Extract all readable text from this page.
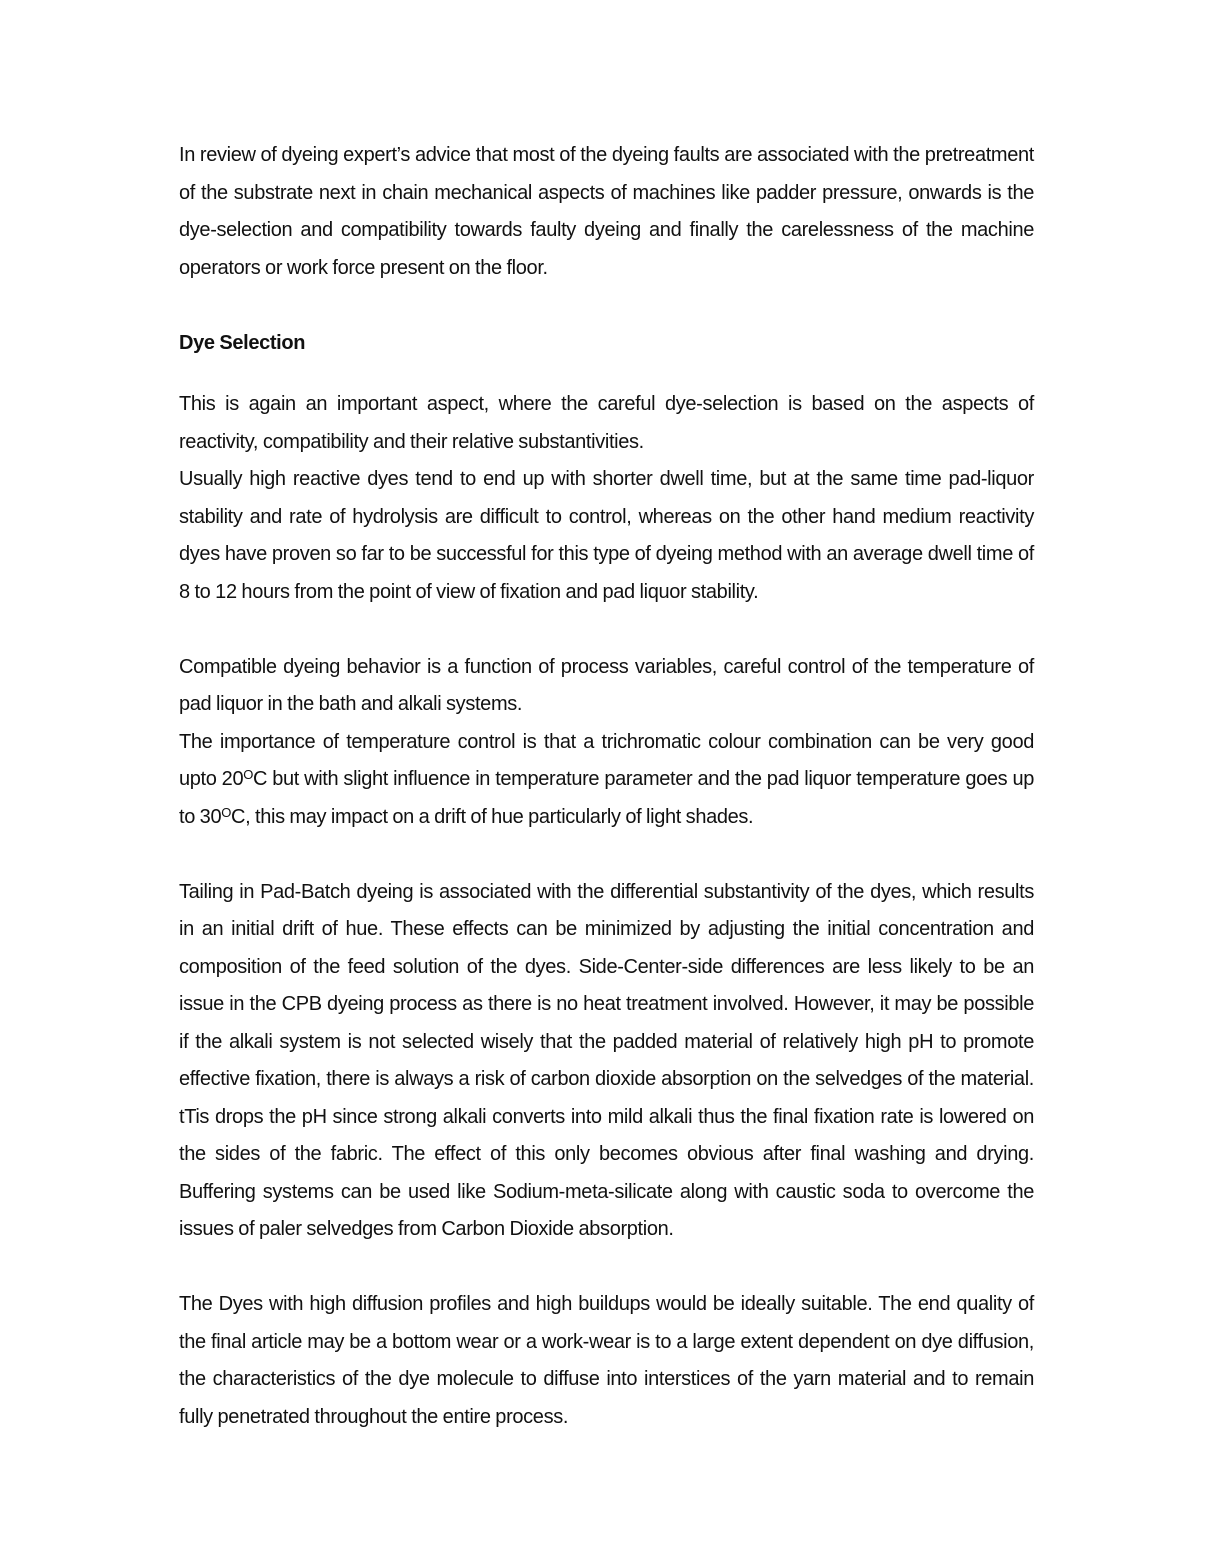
In review of dyeing expert’s advice that most of the dyeing faults are associated with the pretreatment of the substrate next in chain mechanical aspects of machines like padder pressure, onwards is the dye-selection and compatibility towards faulty dyeing and finally the carelessness of the machine operators or work force present on the floor.

Dye Selection

This is again an important aspect, where the careful dye-selection is based on the aspects of reactivity, compatibility and their relative substantivities.

Usually high reactive dyes tend to end up with shorter dwell time, but at the same time pad-liquor stability and rate of hydrolysis are difficult to control, whereas on the other hand medium reactivity dyes have proven so far to be successful for this type of dyeing method with an average dwell time of 8 to 12 hours from the point of view of fixation and pad liquor stability.

Compatible dyeing behavior is a function of process variables, careful control of the temperature of pad liquor in the bath and alkali systems.

The importance of temperature control is that a trichromatic colour combination can be very good upto $20^OC$ but with slight influence in temperature parameter and the pad liquor temperature goes up to $30^OC$, this may impact on a drift of hue particularly of light shades.

Tailing in Pad-Batch dyeing is associated with the differential substantivity of the dyes, which results in an initial drift of hue. These effects can be minimized by adjusting the initial concentration and composition of the feed solution of the dyes. Side-Center-side differences are less likely to be an issue in the CPB dyeing process as there is no heat treatment involved. However, it may be possible if the alkali system is not selected wisely that the padded material of relatively high pH to promote effective fixation, there is always a risk of carbon dioxide absorption on the selvedges of the material. tTis drops the pH since strong alkali converts into mild alkali thus the final fixation rate is lowered on the sides of the fabric. The effect of this only becomes obvious after final washing and drying. Buffering systems can be used like Sodium-meta-silicate along with caustic soda to overcome the issues of paler selvedges from Carbon Dioxide absorption.

The Dyes with high diffusion profiles and high buildups would be ideally suitable. The end quality of the final article may be a bottom wear or a work-wear is to a large extent dependent on dye diffusion, the characteristics of the dye molecule to diffuse into interstices of the yarn material and to remain fully penetrated throughout the entire process.
